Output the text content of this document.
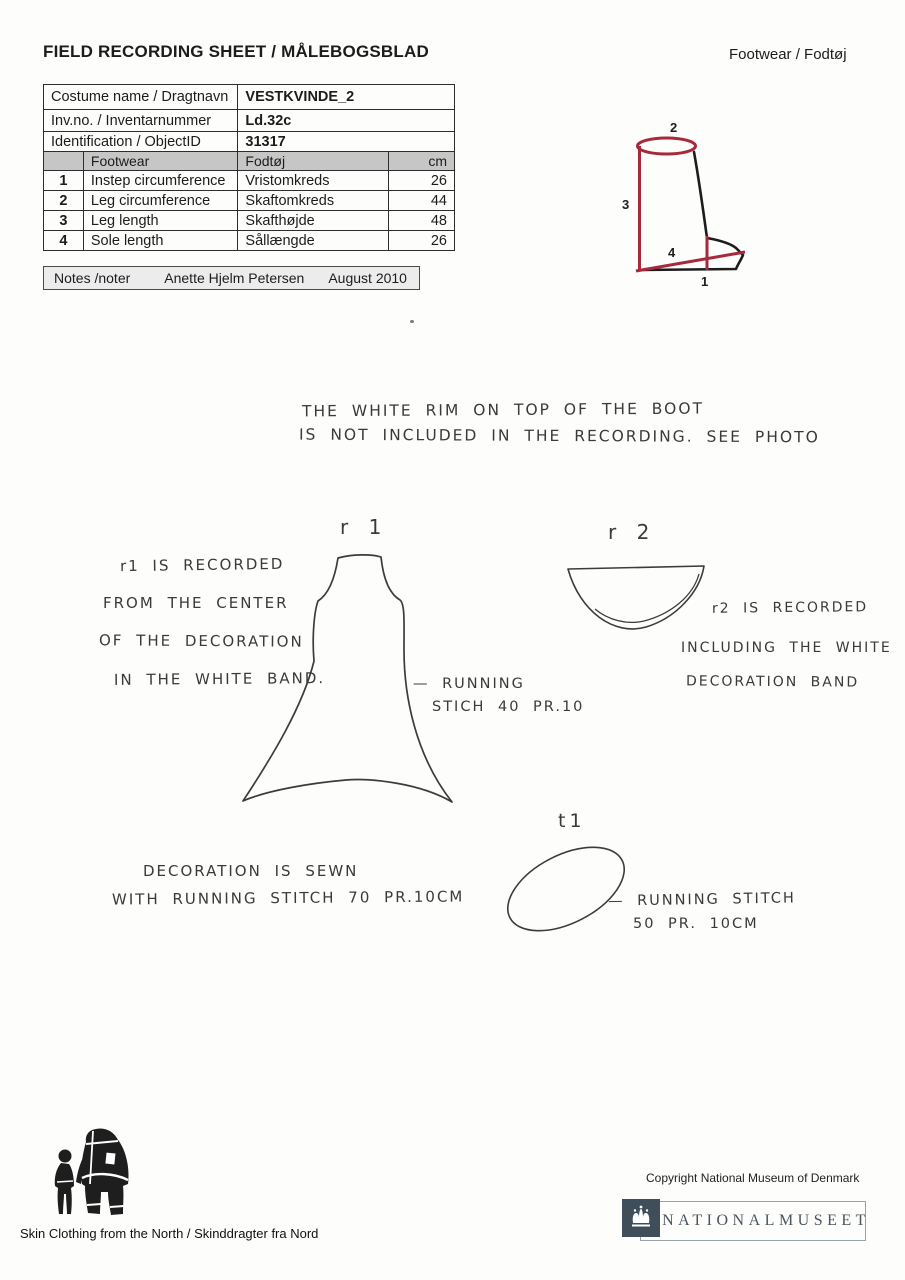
FIELD RECORDING SHEET / MÅLEBOGSBLAD	Footwear / Fodtøj
Costume name / Dragtnavn		VESTKVINDE_2	
Inv.no. / Inventarnummer		Ld.32c	
Identification / ObjectID		31317	
	Footwear	Fodtøj	cm
1	Instep circumference	Vristomkreds	26
2	Leg circumference	Skaftomkreds	44
3	Leg length	Skafthøjde	48
4	Sole length	Sållængde	26
Notes /noter Anette Hjelm Petersen August 2010
2
3
4
1
THE WHITE RIM ON TOP OF THE BOOT
IS NOT INCLUDED IN THE RECORDING. SEE PHOTO
r 1
r1 IS RECORDED
FROM THE CENTER
OF THE DECORATION
IN THE WHITE BAND.	— RUNNING
STICH 40 PR.10
r 2
r2 IS RECORDED
INCLUDING THE WHITE
DECORATION BAND
DECORATION IS SEWN
WITH RUNNING STITCH 70 PR.10CM
t1
— RUNNING STITCH
50 PR. 10CM
Skin Clothing from the North / Skinddragter fra Nord
Copyright National Museum of Denmark
NATIONALMUSEET
